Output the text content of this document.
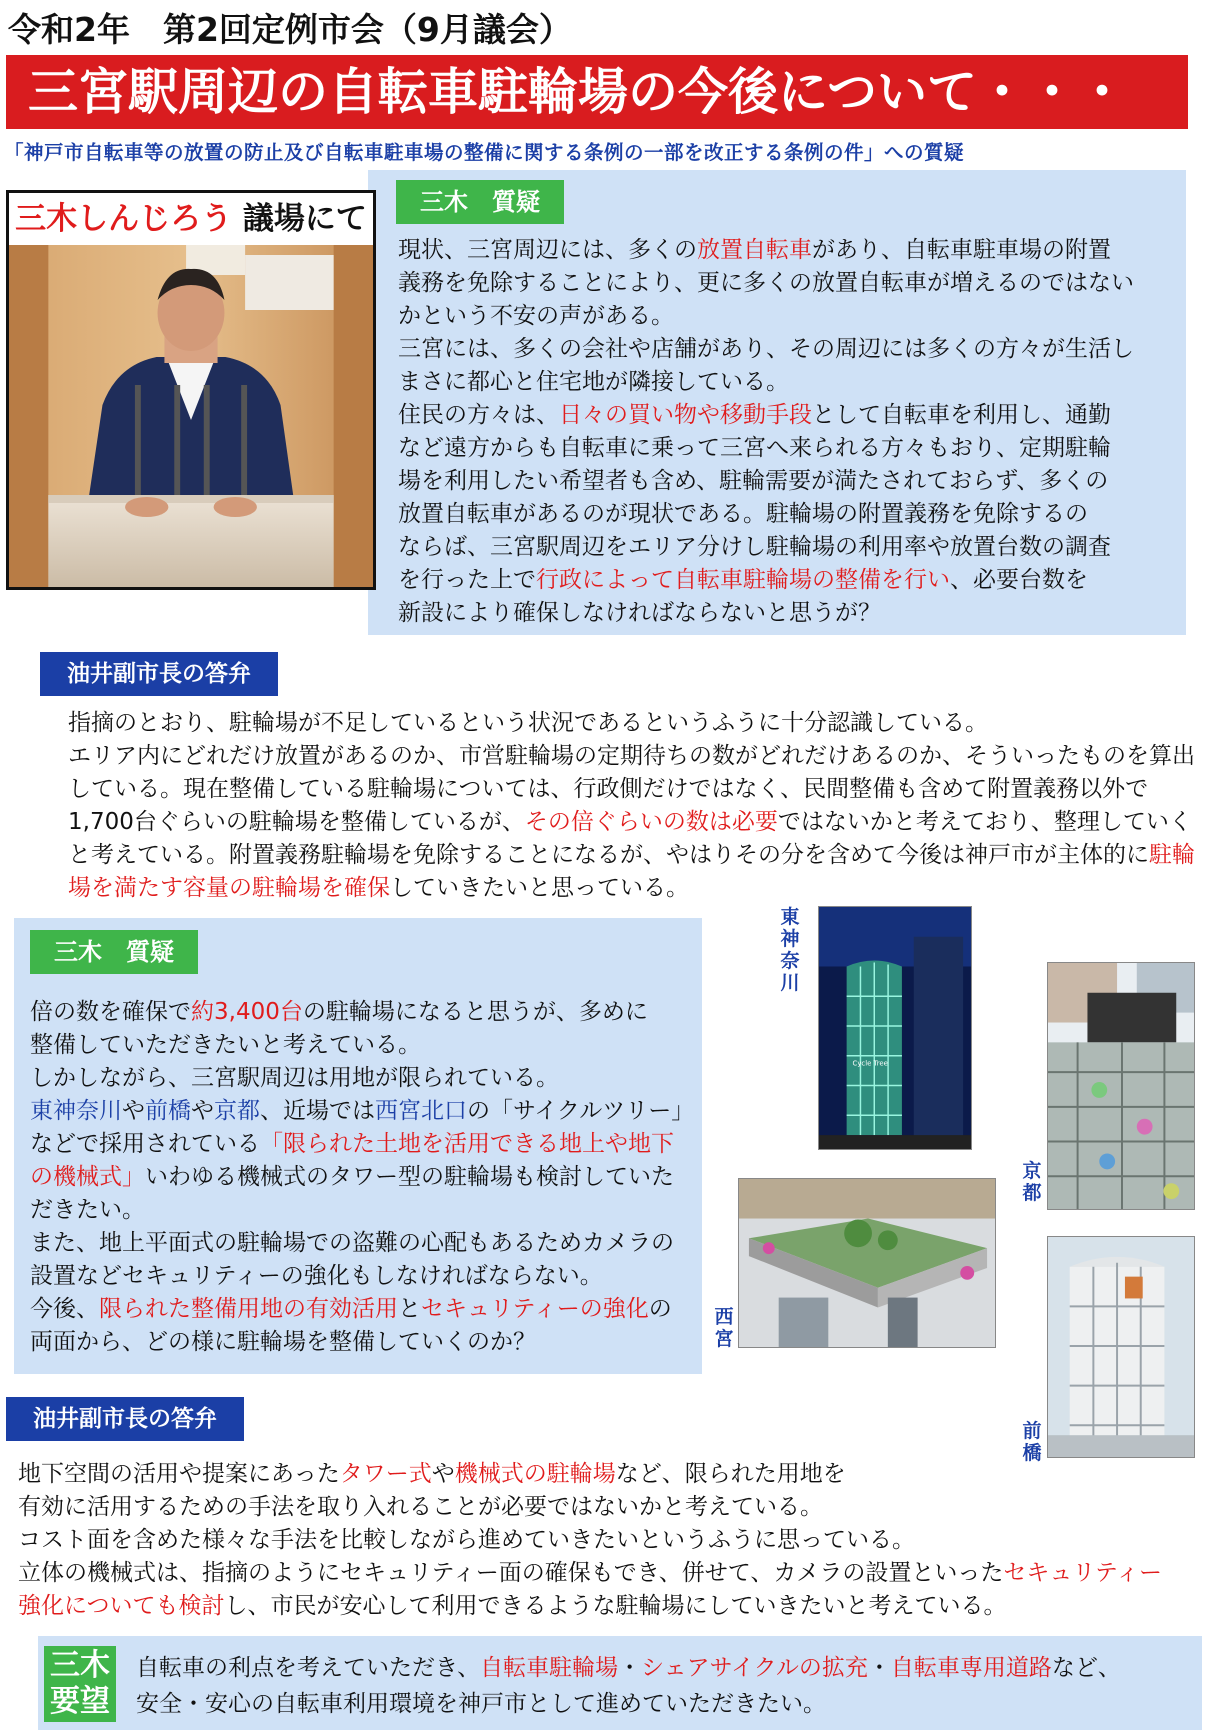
令和2年　第2回定例市会（9月議会）
三宮駅周辺の自転車駐輪場の今後について・・・
「神戸市自転車等の放置の防止及び自転車駐車場の整備に関する条例の一部を改正する条例の件」への質疑
三木しんじろう 議場にて	三木　質疑

現状、三宮周辺には、多くの放置自転車があり、自転車駐車場の附置

義務を免除することにより、更に多くの放置自転車が増えるのではない

かという不安の声がある。

三宮には、多くの会社や店舗があり、その周辺には多くの方々が生活し

まさに都心と住宅地が隣接している。

住民の方々は、日々の買い物や移動手段として自転車を利用し、通勤

など遠方からも自転車に乗って三宮へ来られる方々もおり、定期駐輪

場を利用したい希望者も含め、駐輪需要が満たされておらず、多くの

放置自転車があるのが現状である。駐輪場の附置義務を免除するの

ならば、三宮駅周辺をエリア分けし駐輪場の利用率や放置台数の調査

を行った上で行政によって自転車駐輪場の整備を行い、必要台数を

新設により確保しなければならないと思うが？

油井副市長の答弁

指摘のとおり、駐輪場が不足しているという状況であるというふうに十分認識している。

エリア内にどれだけ放置があるのか、市営駐輪場の定期待ちの数がどれだけあるのか、そういったものを算出

している。現在整備している駐輪場については、行政側だけではなく、民間整備も含めて附置義務以外で

1,700台ぐらいの駐輪場を整備しているが、その倍ぐらいの数は必要ではないかと考えており、整理していく

と考えている。附置義務駐輪場を免除することになるが、やはりその分を含めて今後は神戸市が主体的に駐輪

場を満たす容量の駐輪場を確保していきたいと思っている。

三木　質疑

倍の数を確保で約3,400台の駐輪場になると思うが、多めに

整備していただきたいと考えている。

しかしながら、三宮駅周辺は用地が限られている。

東神奈川や前橋や京都、近場では西宮北口の「サイクルツリー」

などで採用されている「限られた土地を活用できる地上や地下

の機械式」いわゆる機械式のタワー型の駐輪場も検討していた

だきたい。

また、地上平面式の駐輪場での盗難の心配もあるためカメラの

設置などセキュリティーの強化もしなければならない。

今後、限られた整備用地の有効活用とセキュリティーの強化の

両面から、どの様に駐輪場を整備していくのか？

東
神
奈
川
Cycle Tree
京
都
西
宮
前
橋
油井副市長の答弁

地下空間の活用や提案にあったタワー式や機械式の駐輪場など、限られた用地を

有効に活用するための手法を取り入れることが必要ではないかと考えている。

コスト面を含めた様々な手法を比較しながら進めていきたいというふうに思っている。

立体の機械式は、指摘のようにセキュリティー面の確保もでき、併せて、カメラの設置といったセキュリティー

強化についても検討し、市民が安心して利用できるような駐輪場にしていきたいと考えている。

三木
要望

自転車の利点を考えていただき、自転車駐輪場・シェアサイクルの拡充・自転車専用道路など、

安全・安心の自転車利用環境を神戸市として進めていただきたい。
